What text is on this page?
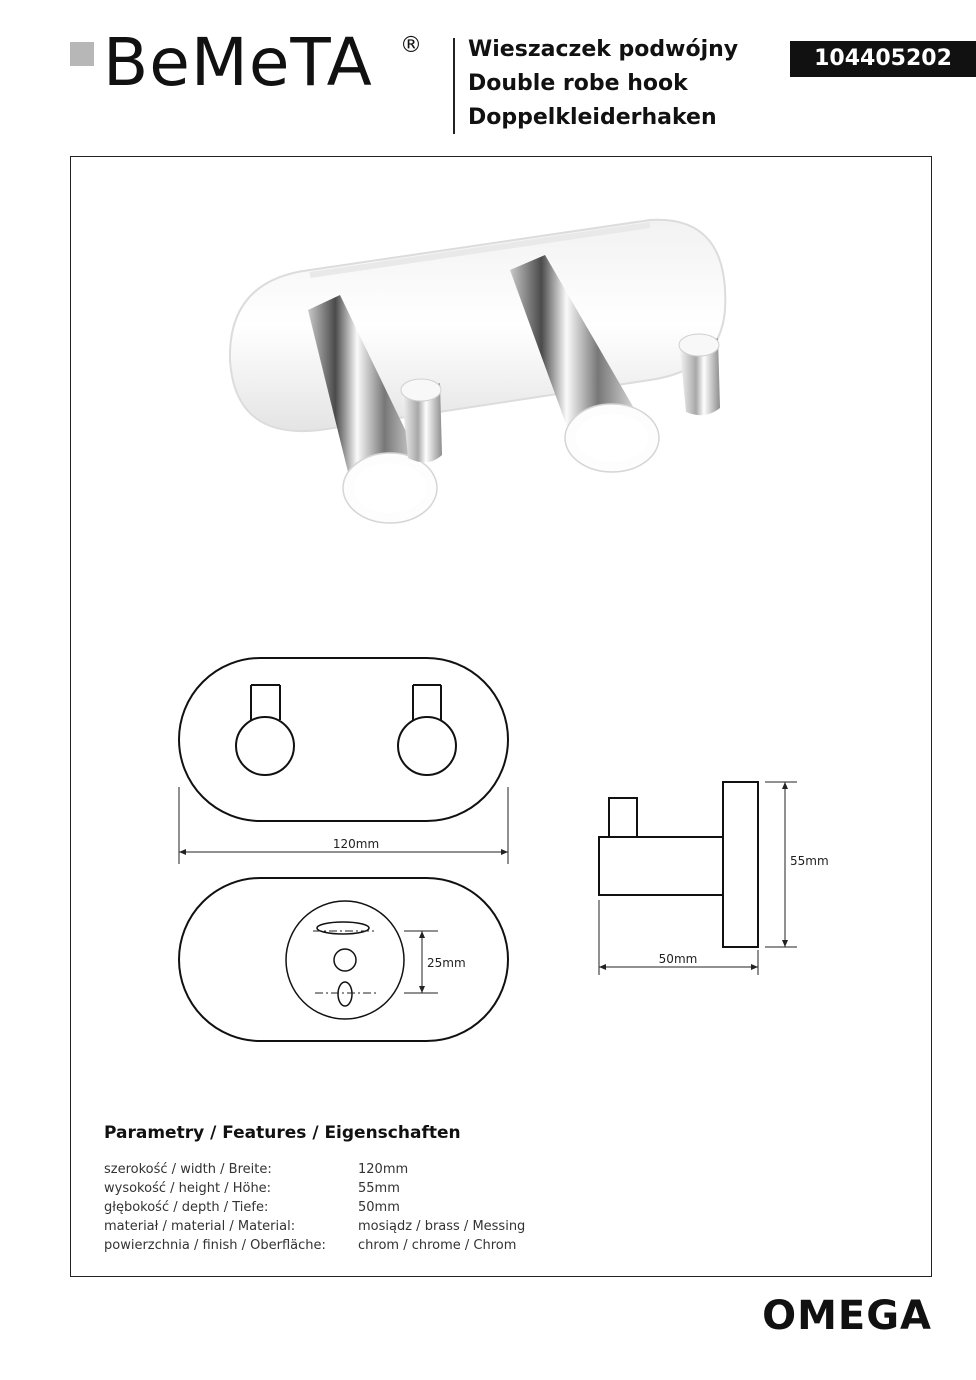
BeMeTA ® Wieszaczek podwójny
Double robe hook
Doppelkleiderhaken
104405202
120mm
25mm
55mm
50mm
Parametry / Features / Eigenschaften
szerokość / width / Breite:	120mm
wysokość / height / Höhe:	55mm
głębokość / depth / Tiefe:	50mm
materiał / material / Material:	mosiądz / brass / Messing
powierzchnia / finish / Oberfläche: chrom / chrome / Chrom
OMEGA
